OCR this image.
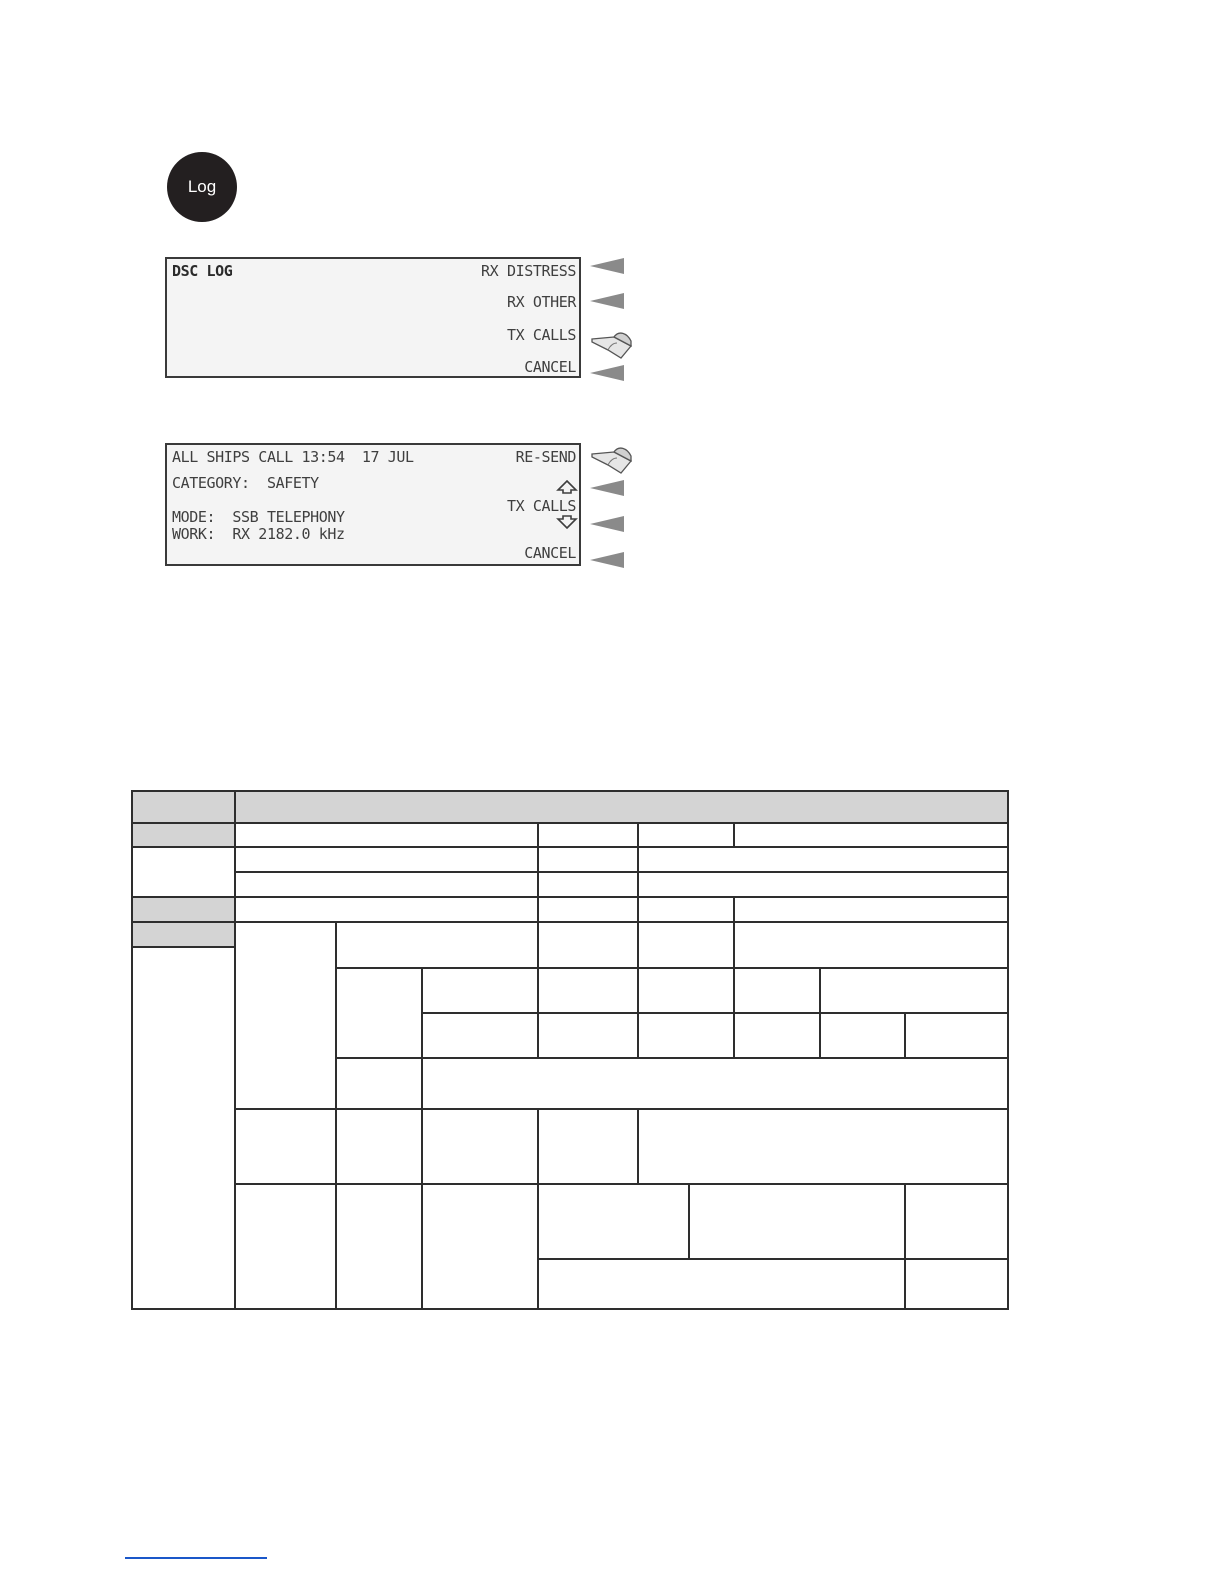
Log
DSC LOG	RX DISTRESS
RX OTHER
TX CALLS
CANCEL
ALL SHIPS CALL 13:54  17 JUL
CATEGORY:  SAFETY
MODE:  SSB TELEPHONY
WORK:  RX 2182.0 kHz
RE-SEND
TX CALLS
CANCEL
